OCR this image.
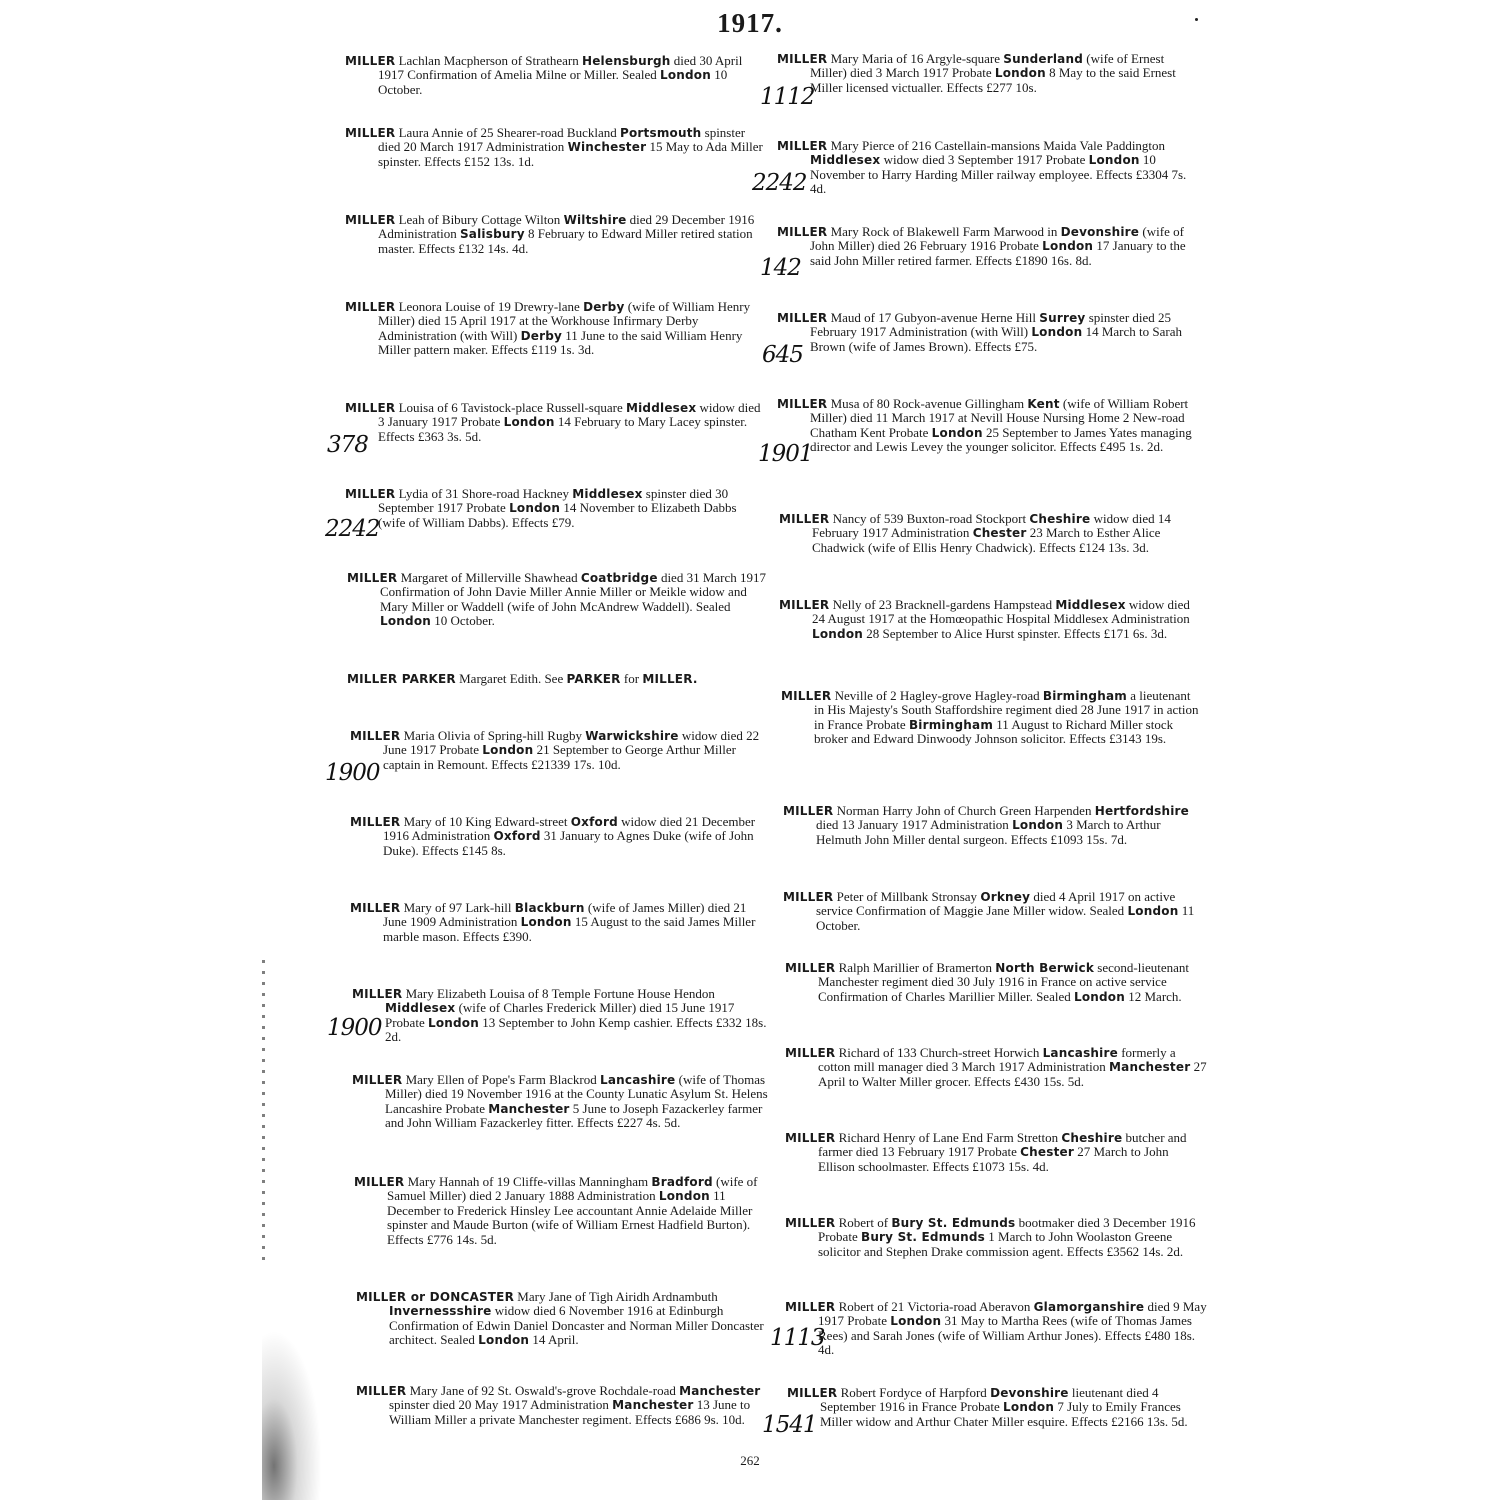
1917.

MILLER Lachlan Macpherson of Strathearn Helensburgh died 30 April 1917 Confirmation of Amelia Milne or Miller. Sealed London 10 October.

MILLER Laura Annie of 25 Shearer-road Buckland Portsmouth spinster died 20 March 1917 Administration Winchester 15 May to Ada Miller spinster. Effects £152 13s. 1d.

MILLER Leah of Bibury Cottage Wilton Wiltshire died 29 December 1916 Administration Salisbury 8 February to Edward Miller retired station master. Effects £132 14s. 4d.

MILLER Leonora Louise of 19 Drewry-lane Derby (wife of William Henry Miller) died 15 April 1917 at the Workhouse Infirmary Derby Administration (with Will) Derby 11 June to the said William Henry Miller pattern maker. Effects £119 1s. 3d.

MILLER Louisa of 6 Tavistock-place Russell-square Middlesex widow died 3 January 1917 Probate London 14 February to Mary Lacey spinster. Effects £363 3s. 5d.

MILLER Lydia of 31 Shore-road Hackney Middlesex spinster died 30 September 1917 Probate London 14 November to Elizabeth Dabbs (wife of William Dabbs). Effects £79.

MILLER Margaret of Millerville Shawhead Coatbridge died 31 March 1917 Confirmation of John Davie Miller Annie Miller or Meikle widow and Mary Miller or Waddell (wife of John McAndrew Waddell). Sealed London 10 October.

MILLER PARKER Margaret Edith. See PARKER for MILLER.

MILLER Maria Olivia of Spring-hill Rugby Warwickshire widow died 22 June 1917 Probate London 21 September to George Arthur Miller captain in Remount. Effects £21339 17s. 10d.

MILLER Mary of 10 King Edward-street Oxford widow died 21 December 1916 Administration Oxford 31 January to Agnes Duke (wife of John Duke). Effects £145 8s.

MILLER Mary of 97 Lark-hill Blackburn (wife of James Miller) died 21 June 1909 Administration London 15 August to the said James Miller marble mason. Effects £390.

MILLER Mary Elizabeth Louisa of 8 Temple Fortune House Hendon Middlesex (wife of Charles Frederick Miller) died 15 June 1917 Probate London 13 September to John Kemp cashier. Effects £332 18s. 2d.

MILLER Mary Ellen of Pope's Farm Blackrod Lancashire (wife of Thomas Miller) died 19 November 1916 at the County Lunatic Asylum St. Helens Lancashire Probate Manchester 5 June to Joseph Fazackerley farmer and John William Fazackerley fitter. Effects £227 4s. 5d.

MILLER Mary Hannah of 19 Cliffe-villas Manningham Bradford (wife of Samuel Miller) died 2 January 1888 Administration London 11 December to Frederick Hinsley Lee accountant Annie Adelaide Miller spinster and Maude Burton (wife of William Ernest Hadfield Burton). Effects £776 14s. 5d.

MILLER or DONCASTER Mary Jane of Tigh Airidh Ardnambuth Invernessshire widow died 6 November 1916 at Edinburgh Confirmation of Edwin Daniel Doncaster and Norman Miller Doncaster architect. Sealed London 14 April.

MILLER Mary Jane of 92 St. Oswald's-grove Rochdale-road Manchester spinster died 20 May 1917 Administration Manchester 13 June to William Miller a private Manchester regiment. Effects £686 9s. 10d.

MILLER Mary Maria of 16 Argyle-square Sunderland (wife of Ernest Miller) died 3 March 1917 Probate London 8 May to the said Ernest Miller licensed victualler. Effects £277 10s.

MILLER Mary Pierce of 216 Castellain-mansions Maida Vale Paddington Middlesex widow died 3 September 1917 Probate London 10 November to Harry Harding Miller railway employee. Effects £3304 7s. 4d.

MILLER Mary Rock of Blakewell Farm Marwood in Devonshire (wife of John Miller) died 26 February 1916 Probate London 17 January to the said John Miller retired farmer. Effects £1890 16s. 8d.

MILLER Maud of 17 Gubyon-avenue Herne Hill Surrey spinster died 25 February 1917 Administration (with Will) London 14 March to Sarah Brown (wife of James Brown). Effects £75.

MILLER Musa of 80 Rock-avenue Gillingham Kent (wife of William Robert Miller) died 11 March 1917 at Nevill House Nursing Home 2 New-road Chatham Kent Probate London 25 September to James Yates managing director and Lewis Levey the younger solicitor. Effects £495 1s. 2d.

MILLER Nancy of 539 Buxton-road Stockport Cheshire widow died 14 February 1917 Administration Chester 23 March to Esther Alice Chadwick (wife of Ellis Henry Chadwick). Effects £124 13s. 3d.

MILLER Nelly of 23 Bracknell-gardens Hampstead Middlesex widow died 24 August 1917 at the Homœopathic Hospital Middlesex Administration London 28 September to Alice Hurst spinster. Effects £171 6s. 3d.

MILLER Neville of 2 Hagley-grove Hagley-road Birmingham a lieutenant in His Majesty's South Staffordshire regiment died 28 June 1917 in action in France Probate Birmingham 11 August to Richard Miller stock broker and Edward Dinwoody Johnson solicitor. Effects £3143 19s.

MILLER Norman Harry John of Church Green Harpenden Hertfordshire died 13 January 1917 Administration London 3 March to Arthur Helmuth John Miller dental surgeon. Effects £1093 15s. 7d.

MILLER Peter of Millbank Stronsay Orkney died 4 April 1917 on active service Confirmation of Maggie Jane Miller widow. Sealed London 11 October.

MILLER Ralph Marillier of Bramerton North Berwick second-lieutenant Manchester regiment died 30 July 1916 in France on active service Confirmation of Charles Marillier Miller. Sealed London 12 March.

MILLER Richard of 133 Church-street Horwich Lancashire formerly a cotton mill manager died 3 March 1917 Administration Manchester 27 April to Walter Miller grocer. Effects £430 15s. 5d.

MILLER Richard Henry of Lane End Farm Stretton Cheshire butcher and farmer died 13 February 1917 Probate Chester 27 March to John Ellison schoolmaster. Effects £1073 15s. 4d.

MILLER Robert of Bury St. Edmunds bootmaker died 3 December 1916 Probate Bury St. Edmunds 1 March to John Woolaston Greene solicitor and Stephen Drake commission agent. Effects £3562 14s. 2d.

MILLER Robert of 21 Victoria-road Aberavon Glamorganshire died 9 May 1917 Probate London 31 May to Martha Rees (wife of Thomas James Rees) and Sarah Jones (wife of William Arthur Jones). Effects £480 18s. 4d.

MILLER Robert Fordyce of Harpford Devonshire lieutenant died 4 September 1916 in France Probate London 7 July to Emily Frances Miller widow and Arthur Chater Miller esquire. Effects £2166 13s. 5d.

1112
2242
142
645
378	1901
2242
1900
1900
1113
1541
262
